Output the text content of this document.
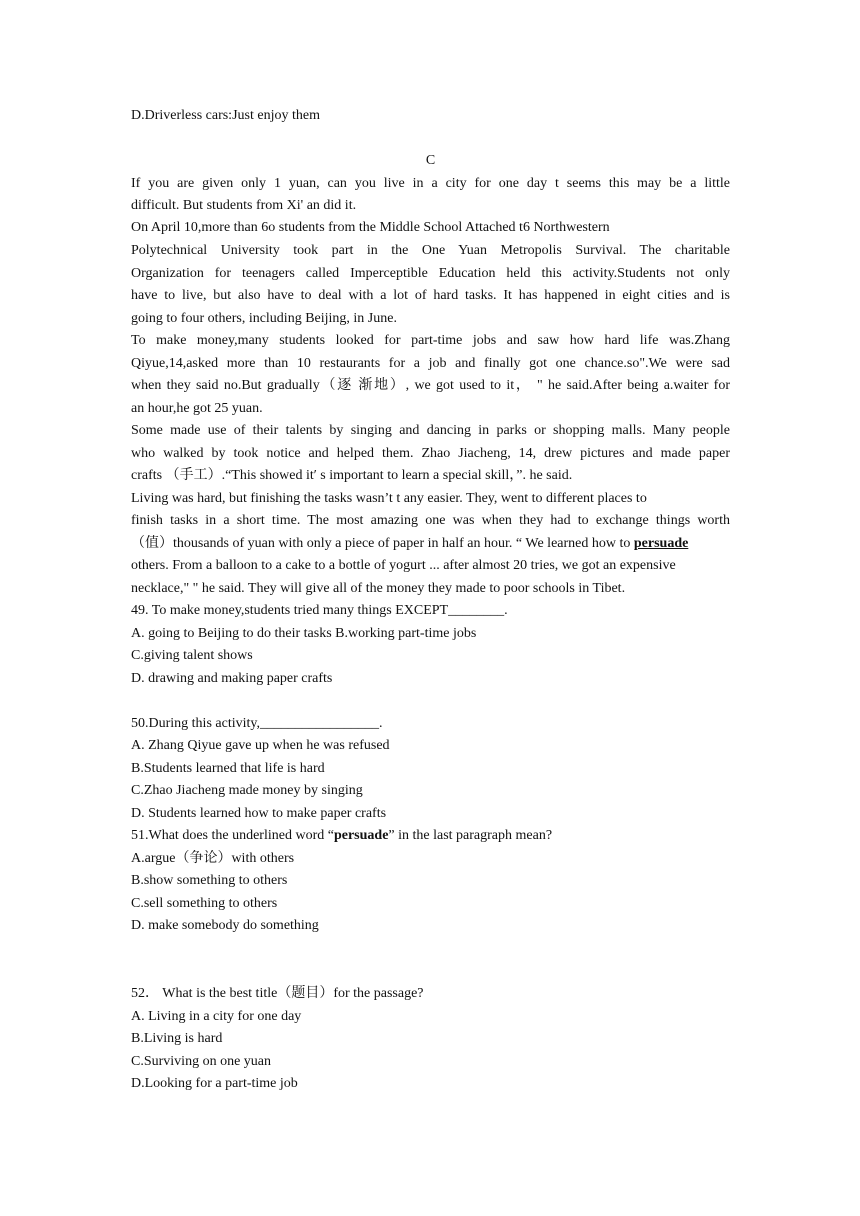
D.Driverless cars:Just enjoy them
C
If you are given only 1 yuan, can you live in a city for one day t seems this may be a little
difficult. But students from Xi' an did it.
On April 10,more than 6o students from the Middle School Attached t6 Northwestern
Polytechnical University took part in the One Yuan Metropolis Survival. The charitable
Organization for teenagers called Imperceptible Education held this activity.Students not only
have to live, but also have to deal with a lot of hard tasks. It has happened in eight cities and is
going to four others, including Beijing, in June.
To make money,many students looked for part-time jobs and saw how hard life was.Zhang
Qiyue,14,asked more than 10 restaurants for a job and finally got one chance.so".We were sad
when they said no.But gradually（逐 渐地）, we got used to it， " he said.After being a.waiter for
an hour,he got 25 yuan.
Some made use of their talents by singing and dancing in parks or shopping malls. Many people
who walked by took notice and helped them. Zhao Jiacheng, 14, drew pictures and made paper
crafts （手工）.“This showed it′ s important to learn a special skill，”. he said.
Living was hard, but finishing the tasks wasn’t t any easier. They, went to different places to
finish tasks in a short time. The most amazing one was when they had to exchange things worth
（值）thousands of yuan with only a piece of paper in half an hour. “ We learned how to persuade
others. From a balloon to a cake to a bottle of yogurt ... after almost 20 tries, we got an expensive
necklace," " he said. They will give all of the money they made to poor schools in Tibet.
49. To make money,students tried many things EXCEPT________.
A. going to Beijing to do their tasks B.working part-time jobs
C.giving talent shows
D. drawing and making paper crafts
50.During this activity,_________________.
A. Zhang Qiyue gave up when he was refused
B.Students learned that life is hard
C.Zhao Jiacheng made money by singing
D. Students learned how to make paper crafts
51.What does the underlined word “persuade” in the last paragraph mean?
A.argue（争论）with others
B.show something to others
C.sell something to others
D. make somebody do something
52． What is the best title（题目）for the passage?
A. Living in a city for one day
B.Living is hard
C.Surviving on one yuan
D.Looking for a part-time job
